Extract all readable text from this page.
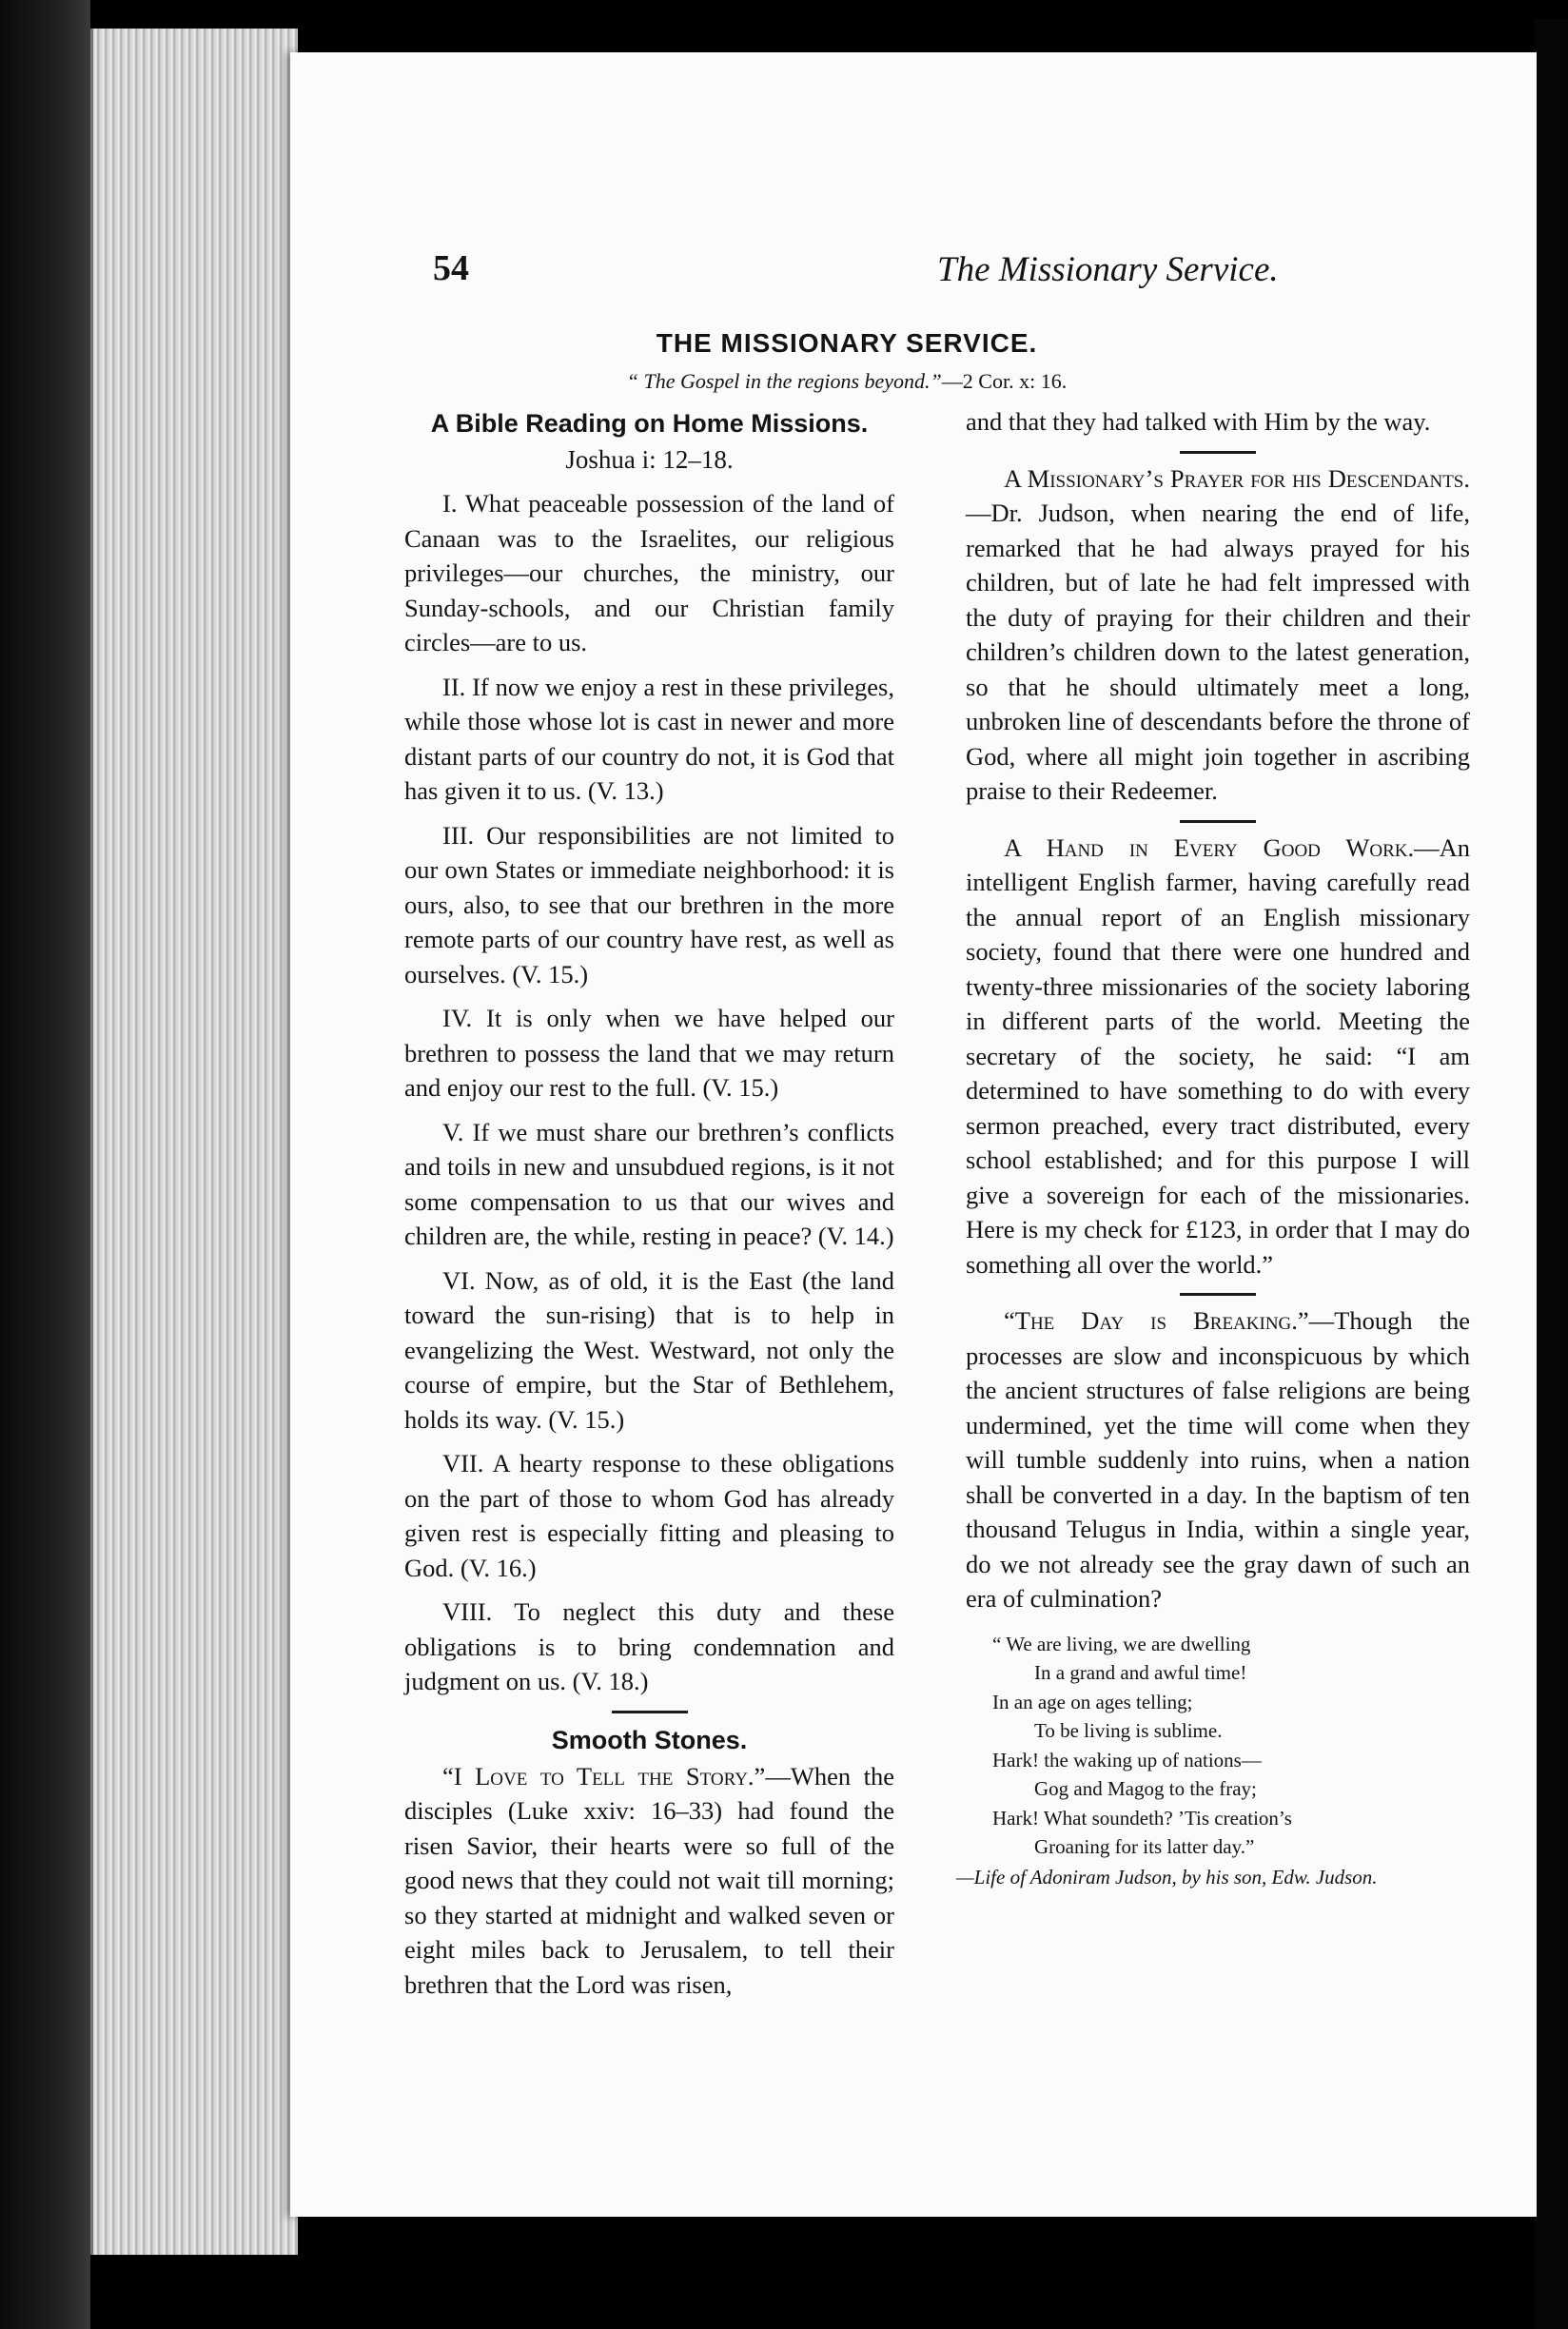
54	The Missionary Service.
THE MISSIONARY SERVICE.
“ The Gospel in the regions beyond.”—2 Cor. x: 16.
A Bible Reading on Home Missions.
Joshua i: 12–18.

I. What peaceable possession of the land of Canaan was to the Israelites, our religious privileges—our churches, the ministry, our Sunday-schools, and our Christian family circles—are to us.

II. If now we enjoy a rest in these privileges, while those whose lot is cast in newer and more distant parts of our country do not, it is God that has given it to us. (V. 13.)

III. Our responsibilities are not limited to our own States or immediate neighborhood: it is ours, also, to see that our brethren in the more remote parts of our country have rest, as well as ourselves. (V. 15.)

IV. It is only when we have helped our brethren to possess the land that we may return and enjoy our rest to the full. (V. 15.)

V. If we must share our brethren’s conflicts and toils in new and unsubdued regions, is it not some compensation to us that our wives and children are, the while, resting in peace? (V. 14.)

VI. Now, as of old, it is the East (the land toward the sun-rising) that is to help in evangelizing the West. Westward, not only the course of empire, but the Star of Bethlehem, holds its way. (V. 15.)

VII. A hearty response to these obligations on the part of those to whom God has already given rest is especially fitting and pleasing to God. (V. 16.)

VIII. To neglect this duty and these obligations is to bring condemnation and judgment on us. (V. 18.)

Smooth Stones.

“I Love to Tell the Story.”—When the disciples (Luke xxiv: 16–33) had found the risen Savior, their hearts were so full of the good news that they could not wait till morning; so they started at midnight and walked seven or eight miles back to Jerusalem, to tell their brethren that the Lord was risen,

and that they had talked with Him by the way.

A Missionary’s Prayer for his Descendants.—Dr. Judson, when nearing the end of life, remarked that he had always prayed for his children, but of late he had felt impressed with the duty of praying for their children and their children’s children down to the latest generation, so that he should ultimately meet a long, unbroken line of descendants before the throne of God, where all might join together in ascribing praise to their Redeemer.

A Hand in Every Good Work.—An intelligent English farmer, having carefully read the annual report of an English missionary society, found that there were one hundred and twenty-three missionaries of the society laboring in different parts of the world. Meeting the secretary of the society, he said: “I am determined to have something to do with every sermon preached, every tract distributed, every school established; and for this purpose I will give a sovereign for each of the missionaries. Here is my check for £123, in order that I may do something all over the world.”

“The Day is Breaking.”—Though the processes are slow and inconspicuous by which the ancient structures of false religions are being undermined, yet the time will come when they will tumble suddenly into ruins, when a nation shall be converted in a day. In the baptism of ten thousand Telugus in India, within a single year, do we not already see the gray dawn of such an era of culmination?

“ We are living, we are dwelling
In a grand and awful time!
In an age on ages telling;
To be living is sublime.
Hark! the waking up of nations—
Gog and Magog to the fray;
Hark! What soundeth? ’Tis creation’s
Groaning for its latter day.”
—Life of Adoniram Judson, by his son, Edw. Judson.
